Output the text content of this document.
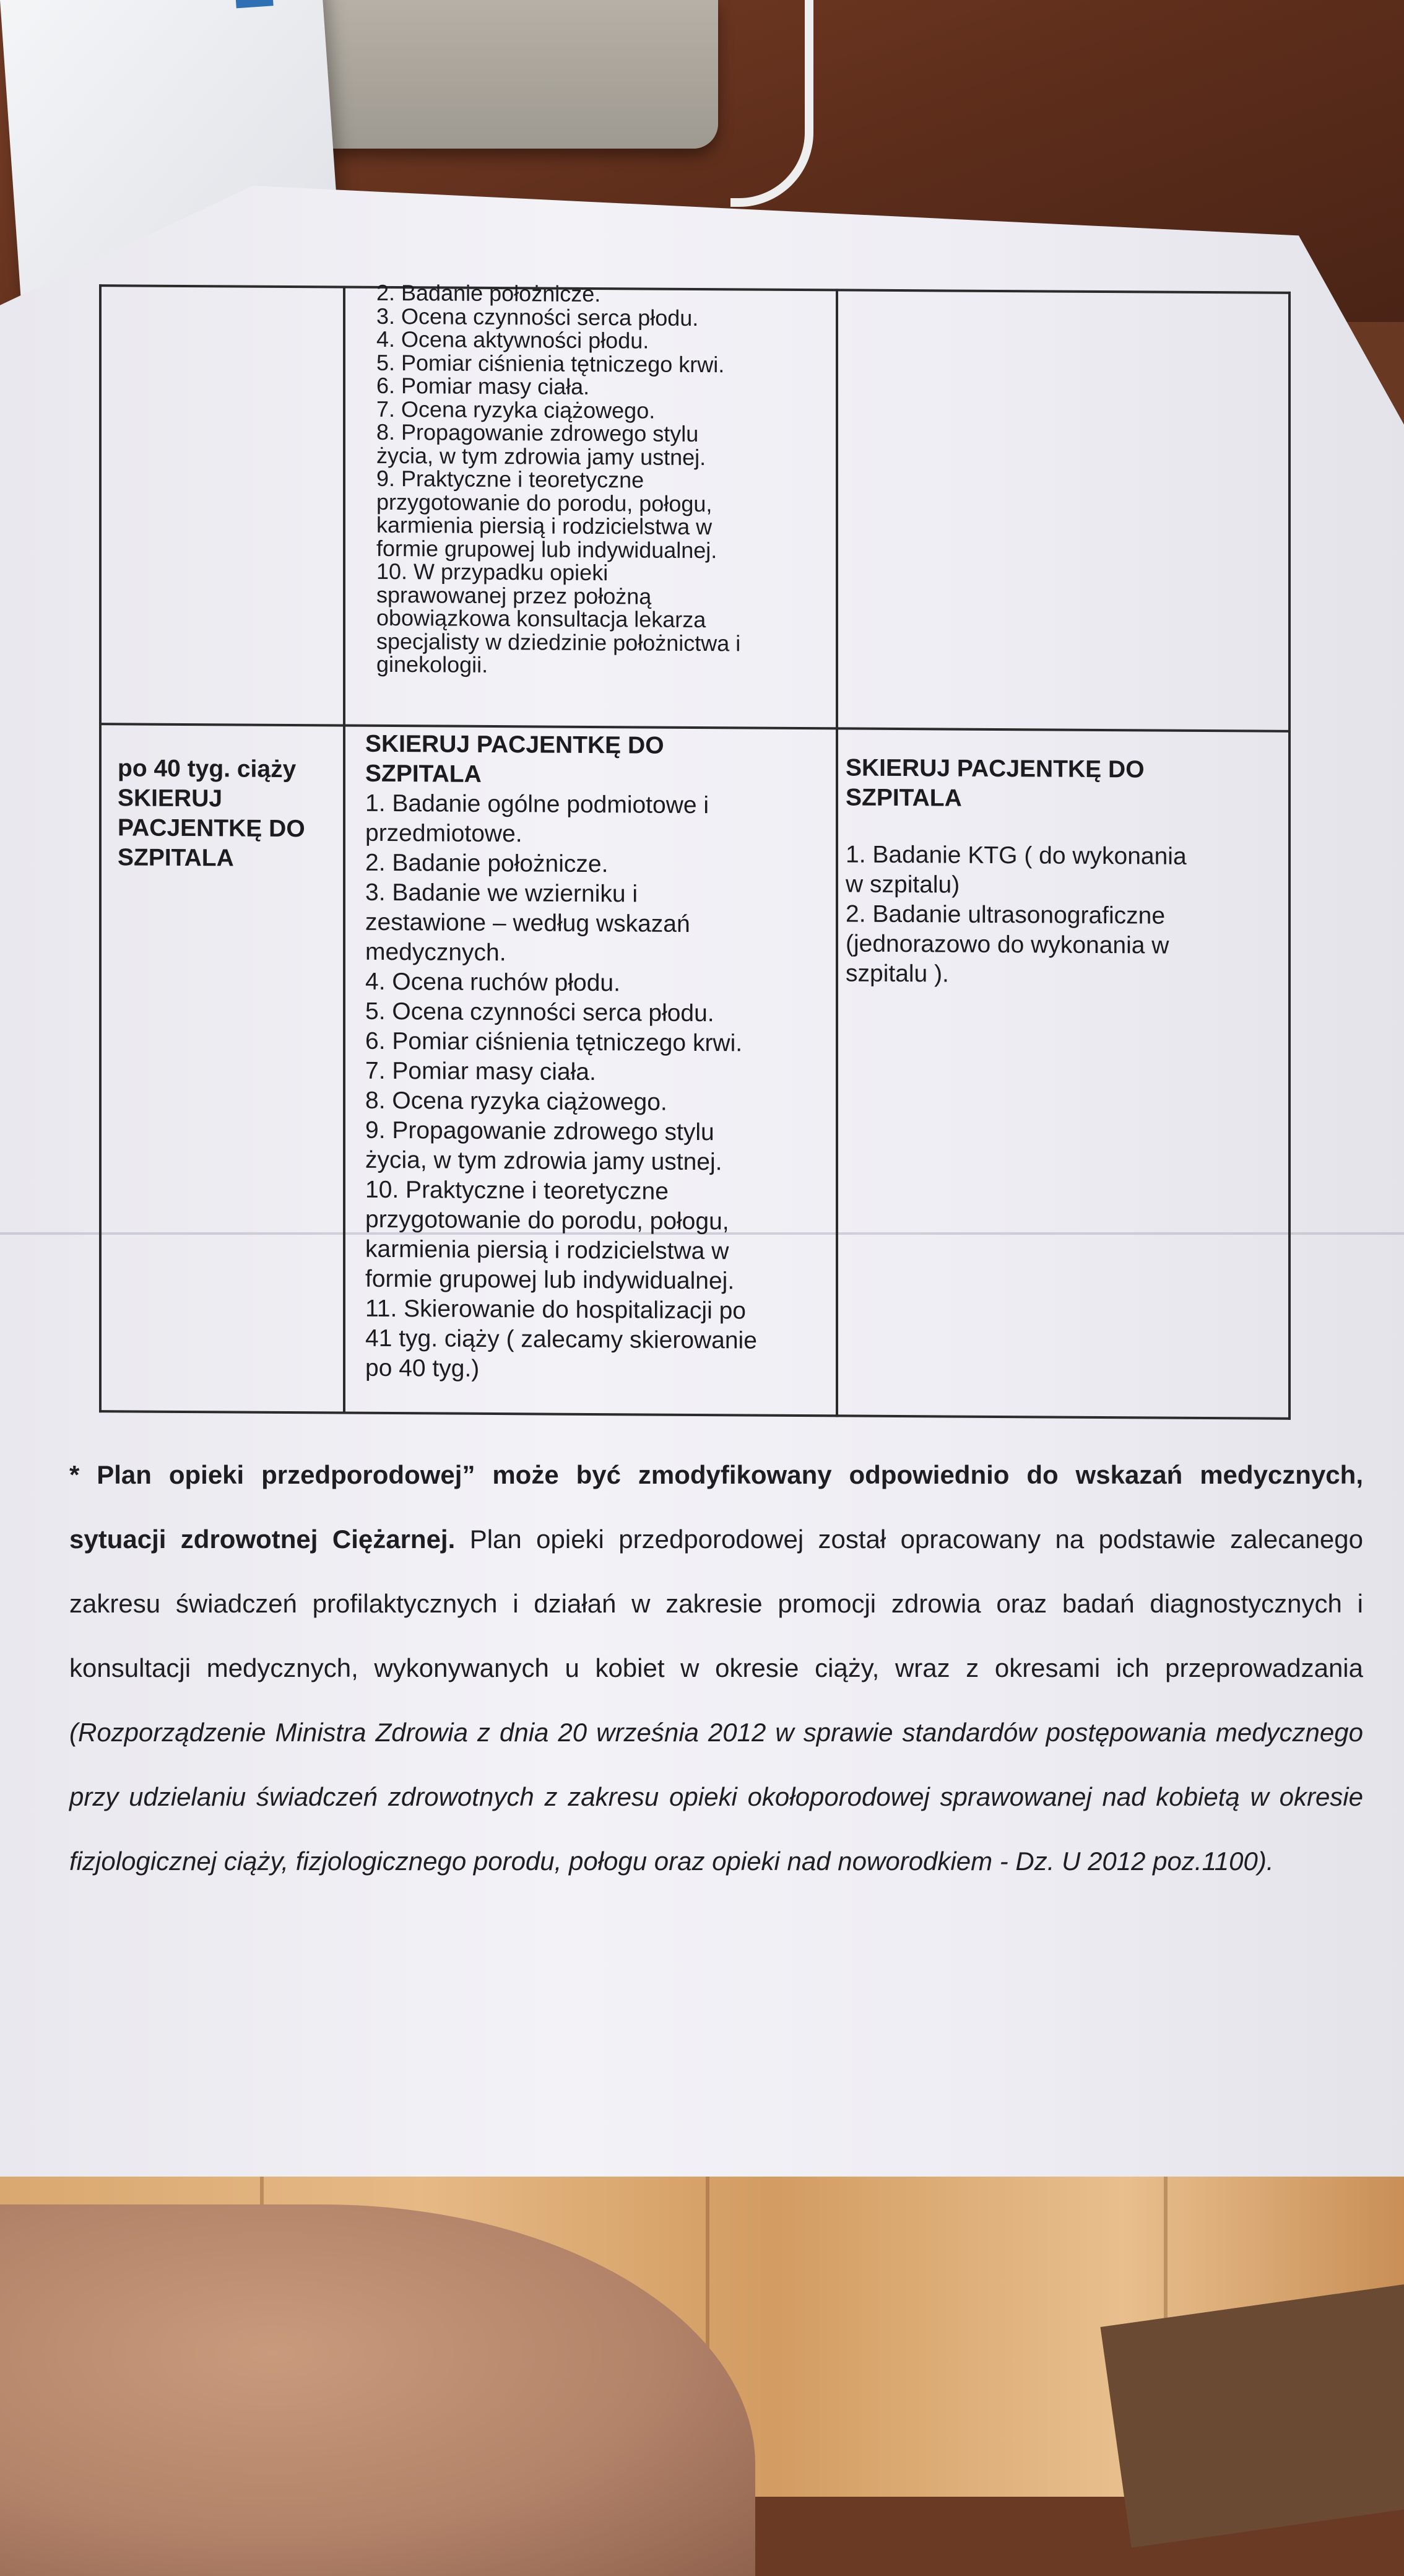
2. Badanie położnicze.

3. Ocena czynności serca płodu.

4. Ocena aktywności płodu.

5. Pomiar ciśnienia tętniczego krwi.

6. Pomiar masy ciała.

7. Ocena ryzyka ciążowego.

8. Propagowanie zdrowego stylu

życia, w tym zdrowia jamy ustnej.

9. Praktyczne i teoretyczne

przygotowanie do porodu, połogu,

karmienia piersią i rodzicielstwa w

formie grupowej lub indywidualnej.

10. W przypadku opieki

sprawowanej przez położną

obowiązkowa konsultacja lekarza

specjalisty w dziedzinie położnictwa i

ginekologii.

po 40 tyg. ciąży

SKIERUJ

PACJENTKĘ DO

SZPITALA

SKIERUJ PACJENTKĘ DO

SZPITALA

1. Badanie ogólne podmiotowe i

przedmiotowe.

2. Badanie położnicze.

3. Badanie we wzierniku i

zestawione – według wskazań

medycznych.

4. Ocena ruchów płodu.

5. Ocena czynności serca płodu.

6. Pomiar ciśnienia tętniczego krwi.

7. Pomiar masy ciała.

8. Ocena ryzyka ciążowego.

9. Propagowanie zdrowego stylu

życia, w tym zdrowia jamy ustnej.

10. Praktyczne i teoretyczne

przygotowanie do porodu, połogu,

karmienia piersią i rodzicielstwa w

formie grupowej lub indywidualnej.

11. Skierowanie do hospitalizacji po

41 tyg. ciąży ( zalecamy skierowanie

po 40 tyg.)

SKIERUJ PACJENTKĘ DO

SZPITALA

1. Badanie KTG ( do wykonania

w szpitalu)

2. Badanie ultrasonograficzne

(jednorazowo do wykonania w

szpitalu ).

* Plan opieki przedporodowej” może być zmodyfikowany odpowiednio do wskazań medycznych, sytuacji zdrowotnej Ciężarnej. Plan opieki przedporodowej został opracowany na podstawie zalecanego zakresu świadczeń profilaktycznych i działań w zakresie promocji zdrowia oraz badań diagnostycznych i konsultacji medycznych, wykonywanych u kobiet w okresie ciąży, wraz z okresami ich przeprowadzania (Rozporządzenie Ministra Zdrowia z dnia 20 września 2012 w sprawie standardów postępowania medycznego przy udzielaniu świadczeń zdrowotnych z zakresu opieki okołoporodowej sprawowanej nad kobietą w okresie fizjologicznej ciąży, fizjologicznego porodu, połogu oraz opieki nad noworodkiem - Dz. U 2012 poz.1100).
